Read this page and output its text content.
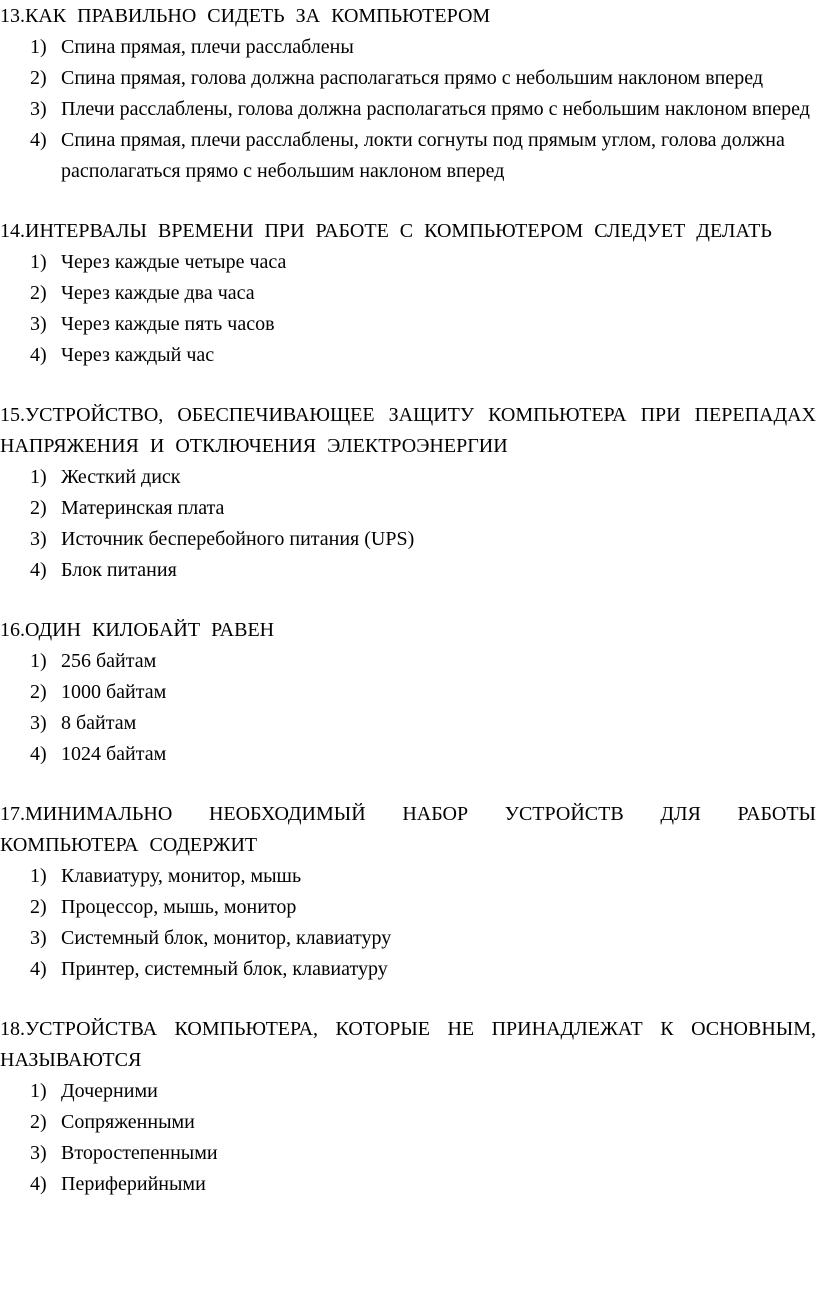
13.КАК ПРАВИЛЬНО СИДЕТЬ ЗА КОМПЬЮТЕРОМ

1) Спина прямая, плечи расслаблены
2) Спина прямая, голова должна располагаться прямо с небольшим наклоном вперед
3) Плечи расслаблены, голова должна располагаться прямо с небольшим наклоном вперед
4) Спина прямая, плечи расслаблены, локти согнуты под прямым углом, голова должна располагаться прямо с небольшим наклоном вперед

14.ИНТЕРВАЛЫ ВРЕМЕНИ ПРИ РАБОТЕ С КОМПЬЮТЕРОМ СЛЕДУЕТ ДЕЛАТЬ

1) Через каждые четыре часа
2) Через каждые два часа
3) Через каждые пять часов
4) Через каждый час

15.УСТРОЙСТВО, ОБЕСПЕЧИВАЮЩЕЕ ЗАЩИТУ КОМПЬЮТЕРА ПРИ ПЕРЕПАДАХ НАПРЯЖЕНИЯ И ОТКЛЮЧЕНИЯ ЭЛЕКТРОЭНЕРГИИ

1) Жесткий диск
2) Материнская плата
3) Источник бесперебойного питания (UPS)
4) Блок питания

16.ОДИН КИЛОБАЙТ РАВЕН

1) 256 байтам
2) 1000 байтам
3) 8 байтам
4) 1024 байтам

17.МИНИМАЛЬНО НЕОБХОДИМЫЙ НАБОР УСТРОЙСТВ ДЛЯ РАБОТЫ КОМПЬЮТЕРА СОДЕРЖИТ

1) Клавиатуру, монитор, мышь
2) Процессор, мышь, монитор
3) Системный блок, монитор, клавиатуру
4) Принтер, системный блок, клавиатуру

18.УСТРОЙСТВА КОМПЬЮТЕРА, КОТОРЫЕ НЕ ПРИНАДЛЕЖАТ К ОСНОВНЫМ, НАЗЫВАЮТСЯ

1) Дочерними
2) Сопряженными
3) Второстепенными
4) Периферийными
